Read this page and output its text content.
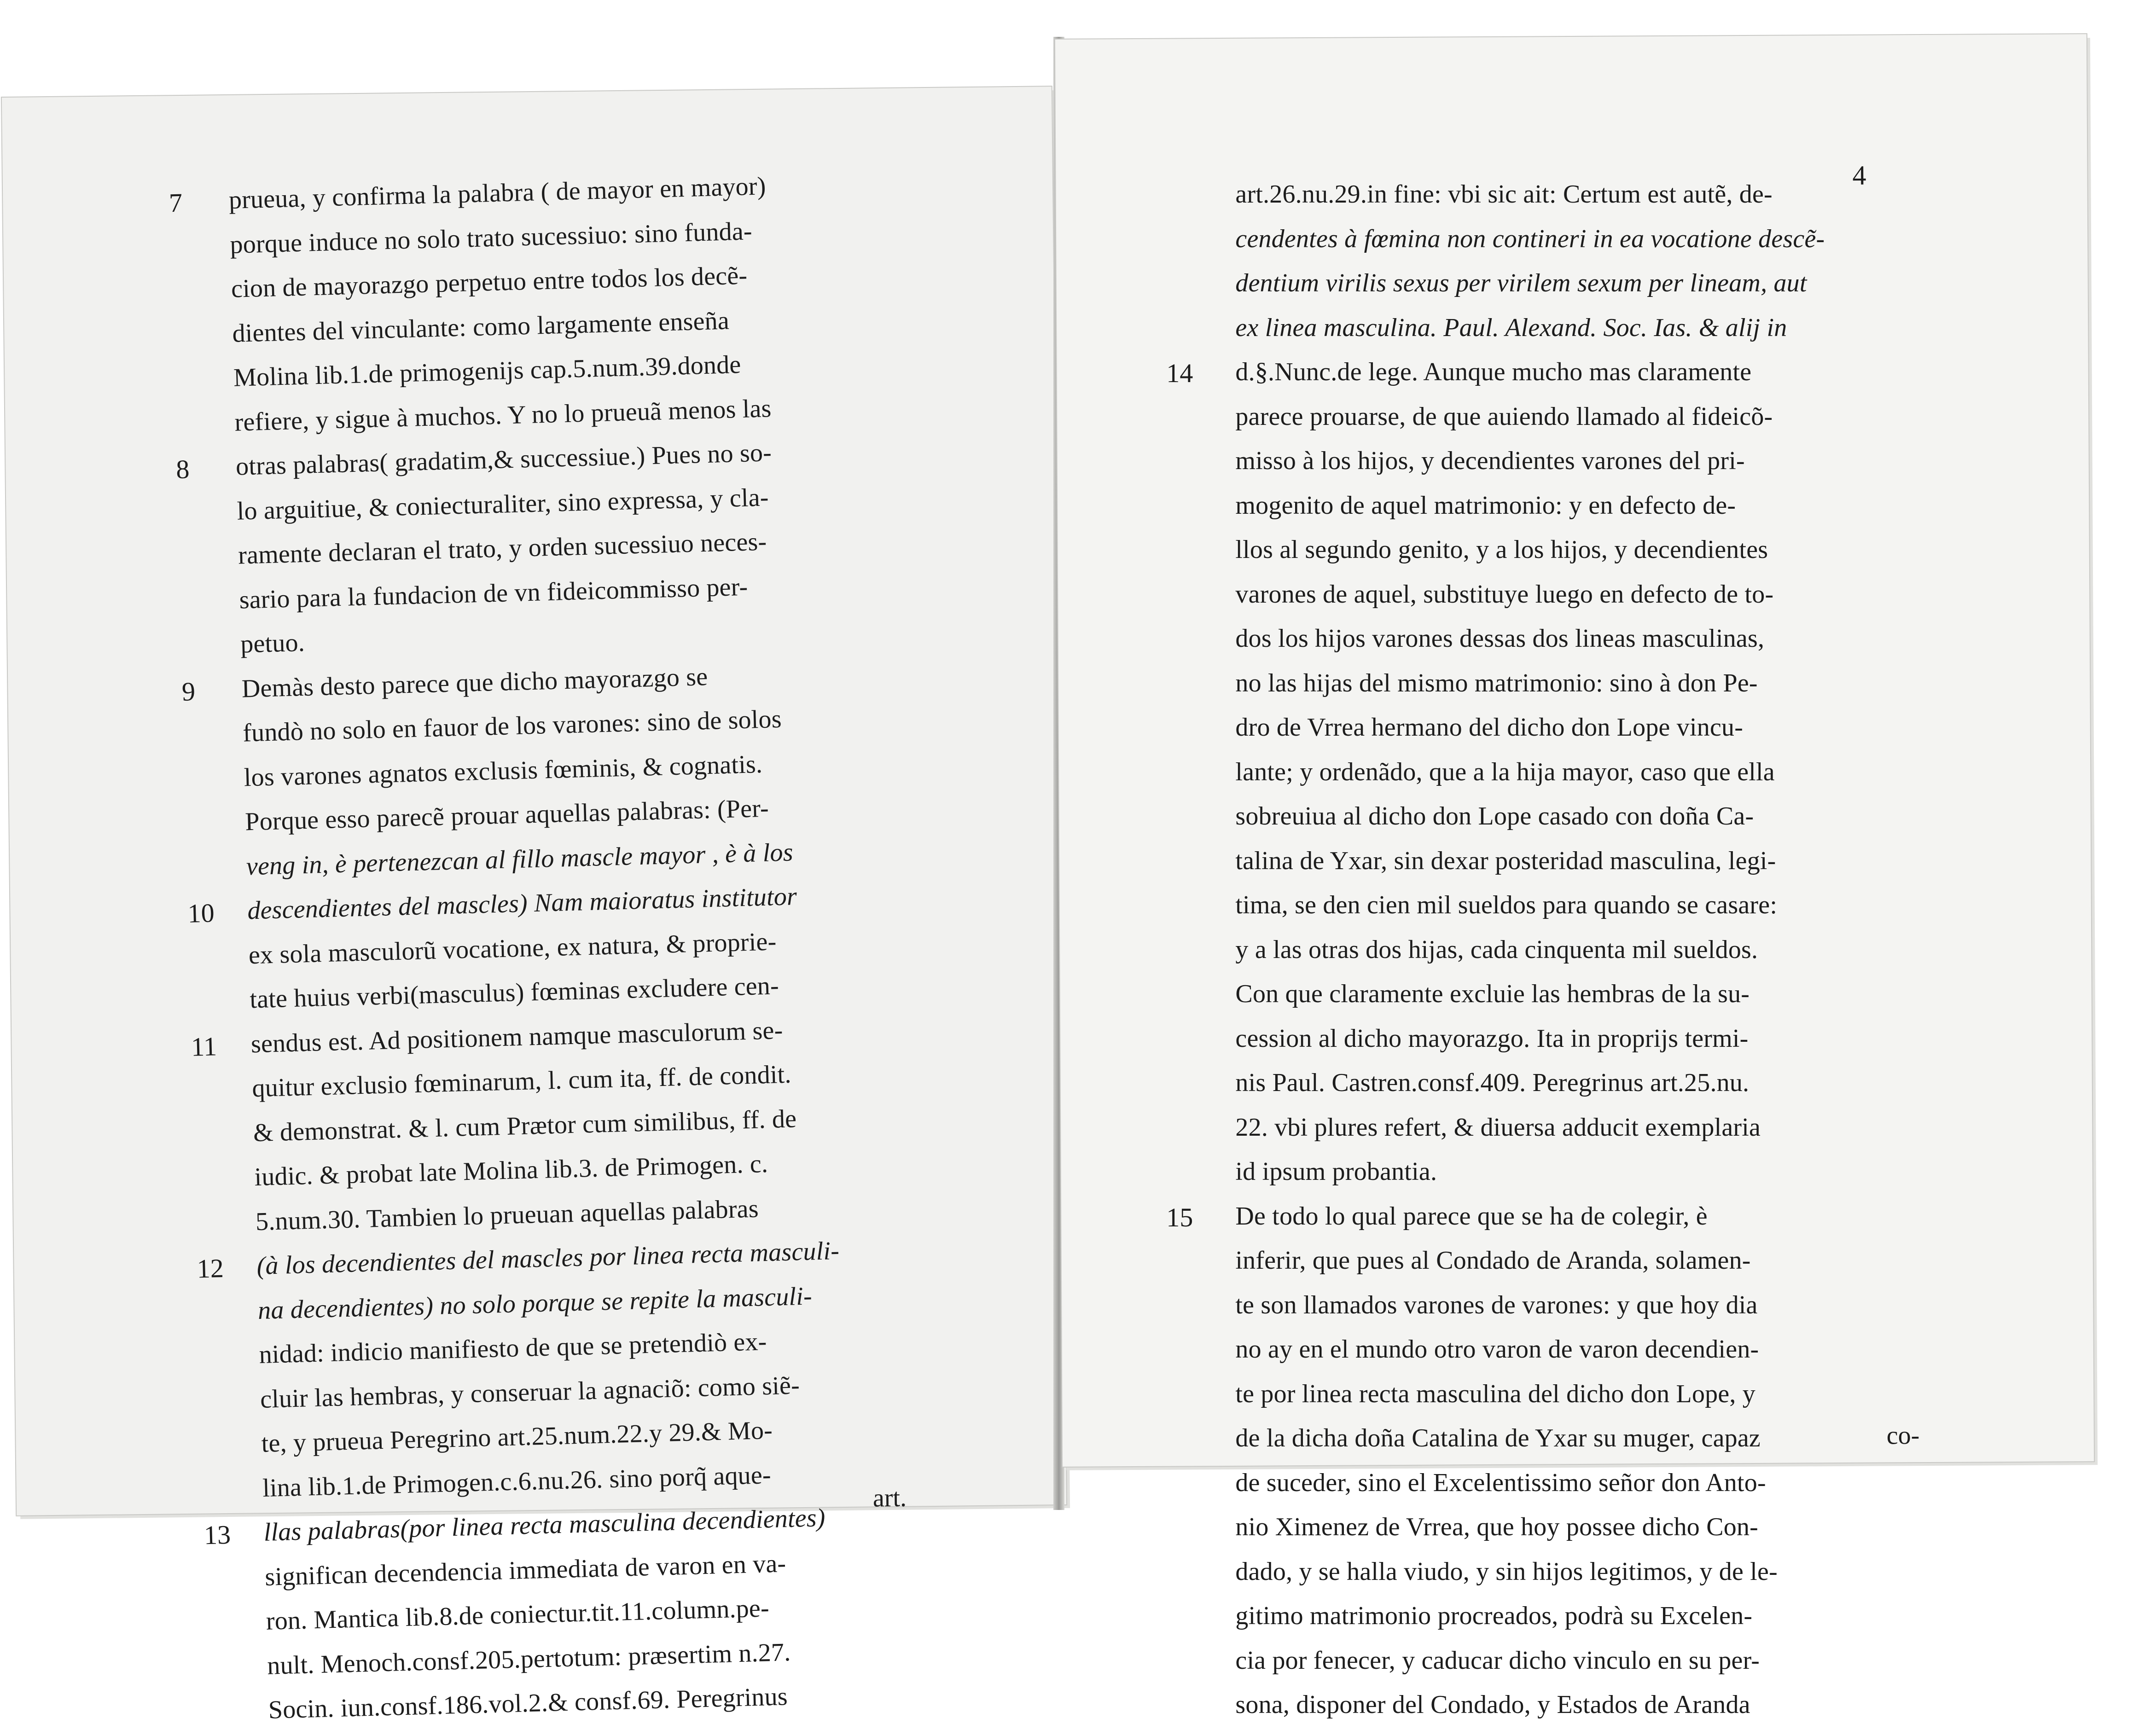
prueua, y confirma la palabra ( de mayor en mayor)
porque induce no solo trato sucessiuo: sino funda-
cion de mayorazgo perpetuo entre todos los decẽ-
dientes del vinculante: como largamente enseña
Molina lib.1.de primogenijs cap.5.num.39.donde
refiere, y sigue à muchos. Y no lo prueuã menos las
otras palabras( gradatim,& successiue.) Pues no so-
lo arguitiue, & coniecturaliter, sino expressa, y cla-
ramente declaran el trato, y orden sucessiuo neces-
sario para la fundacion de vn fideicommisso per-
petuo.
Demàs desto parece que dicho mayorazgo se
fundò no solo en fauor de los varones: sino de solos
los varones agnatos exclusis fœminis, & cognatis.
Porque esso parecẽ prouar aquellas palabras: (Per-
veng in, è pertenezcan al fillo mascle mayor , è à los
descendientes del mascles) Nam maioratus institutor
ex sola masculorũ vocatione, ex natura, & proprie-
tate huius verbi(masculus) fœminas excludere cen-
sendus est. Ad positionem namque masculorum se-
quitur exclusio fœminarum, l. cum ita, ff. de condit.
& demonstrat. & l. cum Prætor cum similibus, ff. de
iudic. & probat late Molina lib.3. de Primogen. c.
5.num.30. Tambien lo prueuan aquellas palabras
(à los decendientes del mascles por linea recta masculi-
na decendientes) no solo porque se repite la masculi-
nidad: indicio manifiesto de que se pretendiò ex-
cluir las hembras, y conseruar la agnaciõ: como siẽ-
te, y prueua Peregrino art.25.num.22.y 29.& Mo-
lina lib.1.de Primogen.c.6.nu.26. sino porq̃ aque-
llas palabras(por linea recta masculina decendientes)
significan decendencia immediata de varon en va-
ron. Mantica lib.8.de coniectur.tit.11.column.pe-
nult. Menoch.consf.205.pertotum: præsertim n.27.
Socin. iun.consf.186.vol.2.& consf.69. Peregrinus
7
8
9
10
11
12
13
art.
4
art.26.nu.29.in fine: vbi sic ait: Certum est autẽ, de-
cendentes à fœmina non contineri in ea vocatione descẽ-
dentium virilis sexus per virilem sexum per lineam, aut
ex linea masculina. Paul. Alexand. Soc. Ias. & alij in
d.§.Nunc.de lege. Aunque mucho mas claramente
parece prouarse, de que auiendo llamado al fideicõ-
misso à los hijos, y decendientes varones del pri-
mogenito de aquel matrimonio: y en defecto de-
llos al segundo genito, y a los hijos, y decendientes
varones de aquel, substituye luego en defecto de to-
dos los hijos varones dessas dos lineas masculinas,
no las hijas del mismo matrimonio: sino à don Pe-
dro de Vrrea hermano del dicho don Lope vincu-
lante; y ordenãdo, que a la hija mayor, caso que ella
sobreuiua al dicho don Lope casado con doña Ca-
talina de Yxar, sin dexar posteridad masculina, legi-
tima, se den cien mil sueldos para quando se casare:
y a las otras dos hijas, cada cinquenta mil sueldos.
Con que claramente excluie las hembras de la su-
cession al dicho mayorazgo. Ita in proprijs termi-
nis Paul. Castren.consf.409. Peregrinus art.25.nu.
22. vbi plures refert, & diuersa adducit exemplaria
id ipsum probantia.
De todo lo qual parece que se ha de colegir, è
inferir, que pues al Condado de Aranda, solamen-
te son llamados varones de varones: y que hoy dia
no ay en el mundo otro varon de varon decendien-
te por linea recta masculina del dicho don Lope, y
de la dicha doña Catalina de Yxar su muger, capaz
de suceder, sino el Excelentissimo señor don Anto-
nio Ximenez de Vrrea, que hoy possee dicho Con-
dado, y se halla viudo, y sin hijos legitimos, y de le-
gitimo matrimonio procreados, podrà su Excelen-
cia por fenecer, y caducar dicho vinculo en su per-
sona, disponer del Condado, y Estados de Aranda
14
15
co-
